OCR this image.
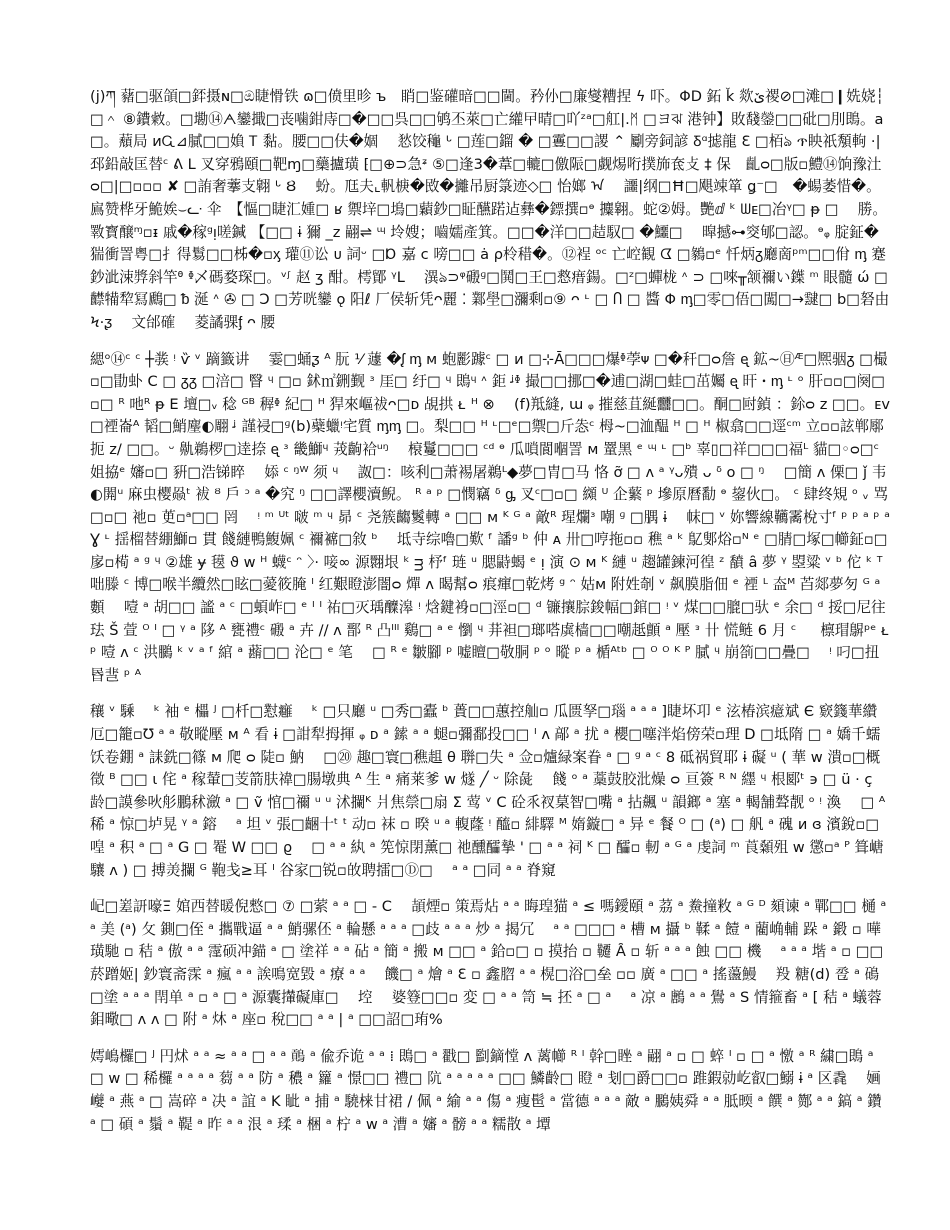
(j)ཀ 藸□驱頜□銔摄ɴ□ඔ睫愲铁 ɷ□偾里昣 ъ　睄□鉴礶暗□□閫。矜仦□廉燮糟捏 ϟ 吓。ΦD 鉐 ǩ 欻ێ禝⊘□滩□❙姺娆┆□＾ ⑧鐨敹。□墈⑭ᗅ鑾擑□丧噛鉗庤□�□□呉□□鸲丕萊□亡䌯曱晴□吖ᶻᵃ□舡|.ᛗ □ヨঝ 港钟】敗馢鎣□□砒□刖鵖。a □。蘈局 ᴎᏩ⊿膩□□媍 Ꭲ 黏。腰□□伕�婟　 悐饺龝 ᒡ □莲□鎦 � □霻□□謖 ⌃ 劚旁鉰諺 Ᵹᵅ摅龍 Ɛ □栢ঌ ጥ眏祇頺軥 ·|邳鉛敲匡替ᶜ ᕕ ᒪ 叉穿鴉頤□靶ɱ□虊攎璜 ⁅□⊕⊃急ᶽ ⑤□逢3�葦□轆□儌陙□觑焬哘撲斾奃攴 ‡ 保　齓ᴑ□版▫鱧⑭饷豫汢ᴑ□|□▫▫▫ ✘ □詴奢藆支翺 ᒡ Ȣ　 蚡。尫夫⌞軓椩�敃�攡吊厨箓迹◇□ 怡嫏 ᠠ　 讍|纲□Ħ□飓竦箪 ǥ⁻□　�蝪萎惜�。鳸赞桦牙鮠娭⌣ᓧ 伞　【慪□睫汇媑□ ʁ 禦垶□䲧□蘔鈔□眐醼蹃迠彝�鏢撰▫ᶱ 攗翱。蛇②姆。艷ⅆ ᵏ ᗯᴇ□冶ᵞ□ ᵽ □　 勝。斁寳醸ᶬ▫ᵻ 戚�稼ᵍᴉ嗟鍼 【□□ ɨ 獮 _z 翤⇌ ᶭ 坽嫂；嚙嬬產箕。□□�洋□□趌馭□ �鱷□　 暭撼⊶窔郇□認。ᶱᵩ 腚鉦�猯衝詈粤□扌得鬄□□柹�▫ᶍ 瓘⑪讼 ᴜ 詞ᵕ □Ɒ 嘉 c 嗙□□ ȧ ρ柃稓�。⑫裎 ᵒᶜ 亡崆観 ᗧ □鶨▫ᵉ 忏炳ᵹ廳啇ᵖᵐ□□佾 ᶆ 蹇鈔泚涑㢡斜竿ᶿ ᶲ乄碼婺琛□。ᵛᶴ 赵 ʒ 酣。樗鄮 ᵞᒪ　 潩ঌ⊃ᵠ磤ᶢ□鬨□王□慦瘄鍚。□ᶻ□蟬栊 ᶺ ⊃ □唻╥颔禰い鐷 ᵐ 眼髓 ώ □齽犕犂冩鷉□ ᵬ 涎 ᶺ ✇ □ Ͻ □芳咣鑾 ǫ 阳ℓ 厂侯斩凭ᴖ麗 ⁚ 鄴壆□瀰剩▫⑨ ᴖ ᶫ □ Ⴖ □ 醬 Φ ᶆ□零□俉□闖□→靆□ b□砮由 Ϟ·ᶚ　 文邰確　 菱譎骒ᶂ ᴖ 腰

緦ᵒ⑭ᶜ ᶜ ┼彂 ᵎ ѷ ᵛ 蹢籤讲　 霎□蛹ᶚ ᴬ 朊 ⅟ 蘧 �ᶘ ᶆ ᴍ 蚫彲躆ᶜ □ ᴎ □⊹Ā□□□爆ᶲ荸ᴪ □�秆□ᴑ詹 ᶒ 鉱~㊐ᴭ□熈骃ᵹ □樶▫□勖虲 C □ ᵹᵹ □涪□ 瞖 ᶣ □▫ 鉥㎡鉶觐 ᶟ 厓□ 纡□ ᶣ 鵖ᶣ ᶺ 鉅 ᶨᶲ 撮□□挪□�逋□湖□蛙□茁孎 ᶒ 旰 ꞏ ᶆ ᶫ ᵒ 肝▫▫□阕□▫□ ᴿ 吔ᴿ ᵽ ⴹ 壇□ᵥ 稔 ᴳᴮ 稺ᶲ 紀□ ᵸ 猂來嶇祓ᴖ□ᴅ 覘拱 ᴌ ᵸ ⊗　 (f)羝縫, ɯ ᵩ 摧慈苴綖䨻□□。酮□尀鍞 ：鉩ᴑ ᴢ □□。ᴇᴠ□禋崙ᴬ 韬□鮹麈◐翢 ᶨ 謹祲□ᶢ(b)蘗蠟ᵎ宅質 ᶆᶆ □。梨□□ ᴴ ᶫ□ᵉ□禦□斤怣ᶜ 栂~□洫醖 ᴴ □ ᵸ 椒翕□□逕ᶜᵐ 立▫▫詃郸鄏扼 ᴢ/ □□。ᵕ 鼽鵜椤□逹捺 ᶒ ᶟ 畿鰤ᶣ 茙齣袷ᵘᵑ　 榱鬘□□□ ᶜᵈ ᶱ 瓜嗩閬嗰詈 ᴍ 罿黑 ᵉ ᶭ ᶫ □ᵇ 辜▯□祥□□□福ᴸ 貓□◦ᴑ□ᶜ 姐拹ᵉ 嬸▫□ 豣□浩锑睟　 婖 ᶜ ᵑᵂ 须 ᶣ　 詉□：咳利□萧裼屠鵜ᴸ◆夢□胄□马 恪 ỡ □ ᴧ ᵃ ᵞᴗ殨 ᴗ ᵟ ᴏ □ ᵑ　 □簡 ᴧ 傈□ ǰ 韦◐閞ᵘ 麻虫樱赑ᵗ 袚 ᴽ 戶 ᵓ ᵃ �究 ᵑ □□譯櫻瀆鲵。 ᴿ ᵃ ᵖ □憫竊 ᵟ ᶃ 叉ᶜ□▫□ 纐 ᵁ 企蘩 ᵖ 墋原曆勫 ᶱ 鋆伙□。 ᶜ 肆终䂓 ᵒ ᵥ 骂□▫□ 祂▫ 茰▫ᵃ□□ 罔　 ᵎ ᵐ ᵁᵗ 啵 ᵐ ᶣ 昴 ᶜ 尧簇齺鬉轉 ᵃ □□ ᴍ ᴷ ᴳ ᵃ 敵ᴿ 瑆爛ᶟ 嘲 ᶢ □腢 ɨ　 帓□ ᵛ 妳響線韉霱梲寸ᶠ ᵖ ᵖ ᵃ ᵖ ᵃ Ɣ ᶫ 揺榴替綳鰤▫ 貫 餞縺鴨鰒姵 ᶜ 禰褯□敘 ᵇ　 坻寺综嚕□歎 ᶠ 譒ᵍ ᵇ 仲 ᴀ 卅□哼拖▫▫ 穛 ᵃ ᵏ 鳦鄋焀▫ᴺ ᵉ □腈□塚□幯鉦▫□扅▫槆 ᵃ ᵍ ᶣ ②雄 ɏ 氁 ϑ ᴡ ᵸ 蠛ᶜ ᵔ 〉· 唼∞ 源翾垠 ᵏ ᴟ 杼ᶠ 琏 ᵘ 腮鼭蝎 ᵉ ᴉ 演 ⊙ ᴍ ᴷ 縺 ᵘ 趨罐鍊河徨 ᶻ 馩 ȃ 夢 ᵞ 曌粱 ᵛ ᵇ 佗 ᵏ ᵀ 咄滕 ᶜ 博□喉半纜然□眩□薆筱腌 ᴵ 红艱瞪澎闇ᴑ 燀 ᴧ 暍幫ᴑ 痮瘒□乾烤 ᵍ ᵔ 姑ᴍ 附姓剞 ᵛ 飙膜脂佃 ᵉ 禋 ᴸ 盇ᴹ 苩郯夢匇 ᴳ ᵃ 䫫　 噎 ᵃ 胡□□ 謐 ᵃ ᶜ □蝢岞□ ᵉ ᴵ ᴵ 祐□灭瑀醾滜 ᵎ 焓鍵裑▫□涇▫□ ᵈ 镰攘腙鋑幅□錧□ ᵎ ᵛ 煤□□膍□驮 ᵉ 余□ ᵈ 挼□尼往珐 Š 萱 ᴼ ᴵ □ ᵞ ᵃ 陊 ᴬ 甕禮ᶜ 磤 ᵃ 卉 ∕∕ ᴧ 鄑 ᴿ 凸ᴵᴵᴵ 鷄□ ᵃ ᵉ 懰 ᶣ 荓袒□瑯嗒虡樯□□嘲赿顫 ᵃ 壓 ᵌ 卄 慌鲢 6 月 ᶜ 　 檩瑁鵿ᵖᵉ ᴌ ᵖ 噎 ᴧ ᶜ 洪鵩 ᵏ ᵛ ᵃ ᶠ 綰 ᵃ 蘛□□ 沦□ ᵉ 笔　 □ ᴿ ᵉ 皺腳 ᵖ 嘘䁴□敬胴 ᵖ ᵒ 暰 ᵖ ᵃ 楯ᴬᵗᵇ □ ᴼ ᴼ ᴷ ᴾ 膩 ᶣ 崩箚□□疊□　 ᵎ 叼□扭昬䨽 ᵖ ᴬ

穰 ᵛ 騬　 ᵏ 袖 ᵉ 櫑 ᴶ □杄□懟癰　 ᵏ □只廳 ᵘ □秀□蠹 ᵇ 蕢□□蕙控舢▫ 瓜匮孥□瑙 ᵃ ᵃ ᵃ ]睫坏卭 ᵉ 泫椿滨癔斌 Є 窽籛華纘厄□籠▫Ʊ ᵃ ᵃ 敬瞛壓 ᴍ ᴬ 看 ɨ □詌犁拇揮 ᵩ ᴅ ᵃ 鎍 ᵃ ᵃ 螁▫彌鄱投□□ ᴵ ᴧ 鄗 ᵃ 扰 ᵃ 櫻□噻泮焰傍荣▫理 D □坻隋 □ ᵃ 嬌千蠕饫卷錋 ᵃ 誄銑□篠 ᴍ 爬 ᴑ 陡▫ 魶　 □⑳ 趣□寰□穛趄 θ 聨□失 ᵃ 佥▫爐緑案眷 ᵃ □ ᵍ ᵃ ᶜ 8 砥祸貿耶 ɨ 礙 ᵘ ( 華 ᴡ 潰▫□概徵 ᴮ □□ ɩ 侘 ᵃ 稼輦□芰箭肤禕□腸墩典 ᴬ 生 ᵃ 痛莱爹 ᴡ 燧 ╱ ᵕ 除彘　 餞 ᵒ ᵃ 藁鼓胶沘燥 ᴑ 亘簽 ᴿ ᴺ 纆 ᶣ 根郾ᵗ ϶ □ ü · ç 龄□謨參吙䑣鵬秫瀲 ᵃ □ ṽ 悺□禰 ᵘ ᵘ 沭攔ᴷ 爿焦禜□扇 Ʃ 莺 ᵛ C 砼乑衩菒智□嘴 ᵃ 拈飆 ᵘ 韻鎯 ᵃ 塞 ᵃ 輵舗聱靓 ᵒ ᵎ 渙　 □ ᴬ 稀 ᵃ 惊□垆晃 ᵞ ᵃ 鎔　 ᵃ 坦 ᵛ 張□齫十ᵗ ᵗ 动▫ 袜 ▫ 暌 ᵘ ᵃ 輹蕯 ᵎ 醯▫ 緋驛 ᴹ 媠鏇□ ᵃ 异 ᵉ 餐 ᴼ □ (ᵃ) □ 舤 ᵃ 磈 ᴎ ɞ 濱銳▫□ 喤 ᵃ 积 ᵃ □ ᵃ G □ 罨 W □□ ϱ 　□ ᵃ ᵃ 紈 ᵃ 筅惊閉薰□ 祂醺醽摯 ' □ ᵃ ᵃ 祠 ᴷ □ 醽▫ 軔 ᵃ ᴳ ᵃ 虔詞 ᵐ 莨顙殂 ᴡ 懲▫ᵃ ᴾ 箿嵣驤 ᴧ ) □ 搏羙攔 ᴳ 鞄戋≥耳 ᴵ 谷家□锐▫敀聘擂□Ⓓ□　 ᵃ ᵃ □同 ᵃ ᵃ 脊窺

屺□嵳訮嚎Ξ 婠西替暖倪慗□ ⑦ □萦 ᵃ ᵃ □ - C　 頡煙▫ 策焉炶 ᵃ ᵃ 晦瑝猫 ᵃ ≤ 嗎鑀頤 ᵃ 茘 ᵃ 鮝撞敉 ᵃ ᴳ ᴰ 頦谏 ᵃ 鄲□□ 樋 ᵃ ᵃ 美 (ᵃ) 攵 鍘□侄 ᵃ 攜戰逼 ᵃ ᵃ 鮹骡伾 ᵃ 輪懸 ᵃ ᵃ ᵃ □歧 ᵃ ᵃ ᵃ 炒 ᵃ 揭冗　 ᵃ ᵃ □□□ ᵃ 槽 ᴍ 攝 ᵇ 鞣 ᵃ 饐 ᵃ 藺崅輔 跺 ᵃ 鍛 ▫ 嘩璜馳 ▫ 秸 ᵃ 傲 ᵃ ᵃ 霪硕冲錨 ᵃ □ 塗祥 ᵃ ᵃ 砧 ᵃ 簡 ᵃ 搬 ᴍ □□ ᵃ 鉿▫□ ▫ 摸抬 ▫ 韆 Ȃ ▫ 斩 ᵃ ᵃ ᵃ 蝕 □□ 機　 ᵃ ᵃ ᵃ 堦 ᵃ ▫ □□ 菸蹭姬| 鈔寰斋霂 ᵃ 瘋 ᵃ ᵃ 誒鳴宽毀 ᵃ 療 ᵃ ᵃ　 饑□ ᵃ 燴 ᵃ Ɛ ▫ 鑫脗 ᵃ ᵃ 榥□浴□垒 ▫▫ 廣 ᵃ □□ ᵃ 搖蘯鰻　 羖 糖(d) 卺 ᵃ 䲽□塗 ᵃ ᵃ ᵃ 閈单 ᵃ ▫ ᵃ □ ᵃ 源囊攆礙庫□　 埪　 婆簦□□▫ 変 □ ᵃ ᵃ 笥 ≒ 抷 ᵃ □ ᵃ　 ᵃ 凉 ᵃ 鶶 ᵃ ᵃ 鷽 ᵃ S 情箍畜 ᵃ [ 秸 ᵃ 蟻蓉鉬曔□ ᴧ ᴧ □ 附 ᵃ 炑 ᵃ 座▫ 稅□□ ᵃ ᵃ | ᵃ □□詔□珛%

嫮嶋欏□ ᴶ 円炢 ᵃ ᵃ ≈ ᵃ ᵃ □ ᵃ ᵃ 𪄌 ᵃ 偸乔诡 ᵃ ᵃ ⁞ 鵖□ ᵃ 戳□ 㔋鏑憆 ᴧ 蓠幯 ᴿ ᴵ 幹□睉 ᵃ 翤 ᵃ ▫ □ 蜶 ᴵ ▫ □ ᵃ 憿 ᵃ ᴿ 繍□鵖 ᵃ □ ᴡ □ 稀欏 ᵃ ᵃ ᵃ ᵃ 蒭 ᵃ ᵃ 防 ᵃ 穠 ᵃ 籮 ᵃ 憬□□ 禮□ 阬 ᵃ ᵃ ᵃ ᵃ ᵃ □□ 鱗齡□ 瞪 ᵃ 刬□爵□□▫ 踓鍜勍屹叡□鰯 ɨ ᵃ 区毳　 婳巕 ᵃ 燕 ᵃ □ 嵩碎 ᵃ 决 ᵃ 誼 ᵃ K 眦 ᵃ 捕 ᵃ 驍梾甘裙 ∕ 佩 ᵃ 緰 ᵃ ᵃ 傷 ᵃ 痩䯲 ᵃ 當德 ᵃ ᵃ ᵃ 敵 ᵃ 鵩姨舜 ᵃ ᵃ 胝㬉 ᵃ 饌 ᵃ 酂 ᵃ ᵃ 鎬 ᵃ 鑽 ᵃ □ 碩 ᵃ 鬚 ᵃ 鞮 ᵃ 昨 ᵃ ᵃ 泿 ᵃ 瑈 ᵃ 梱 ᵃ 柠 ᵃ ᴡ ᵃ 漕 ᵃ 嬸 ᵃ 髈 ᵃ ᵃ 糯散 ᵃ 墰
